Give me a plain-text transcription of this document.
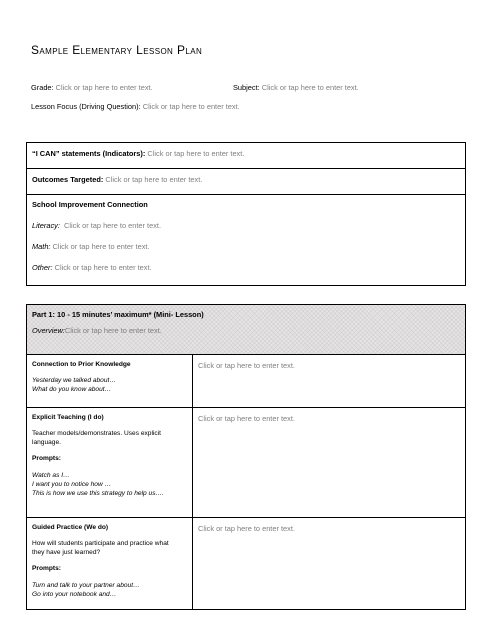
Sample Elementary Lesson Plan
Grade: Click or tap here to enter text.	Subject: Click or tap here to enter text.
Lesson Focus (Driving Question): Click or tap here to enter text.
“I CAN” statements (Indicators): Click or tap here to enter text.
Outcomes Targeted: Click or tap here to enter text.
School Improvement Connection
Literacy: Click or tap here to enter text.
Math: Click or tap here to enter text.
Other: Click or tap here to enter text.
Part 1: 10 - 15 minutes’ maximum* (Mini- Lesson)
Overview:Click or tap here to enter text.
Connection to Prior Knowledge
Yesterday we talked about…
What do you know about…
Click or tap here to enter text.
Explicit Teaching (I do)
Teacher models/demonstrates. Uses explicit
language.
Prompts:
Watch as I…
I want you to notice how …
This is how we use this strategy to help us….
Click or tap here to enter text.
Guided Practice (We do)
How will students participate and practice what
they have just learned?
Prompts:
Turn and talk to your partner about…
Go into your notebook and…
Click or tap here to enter text.
